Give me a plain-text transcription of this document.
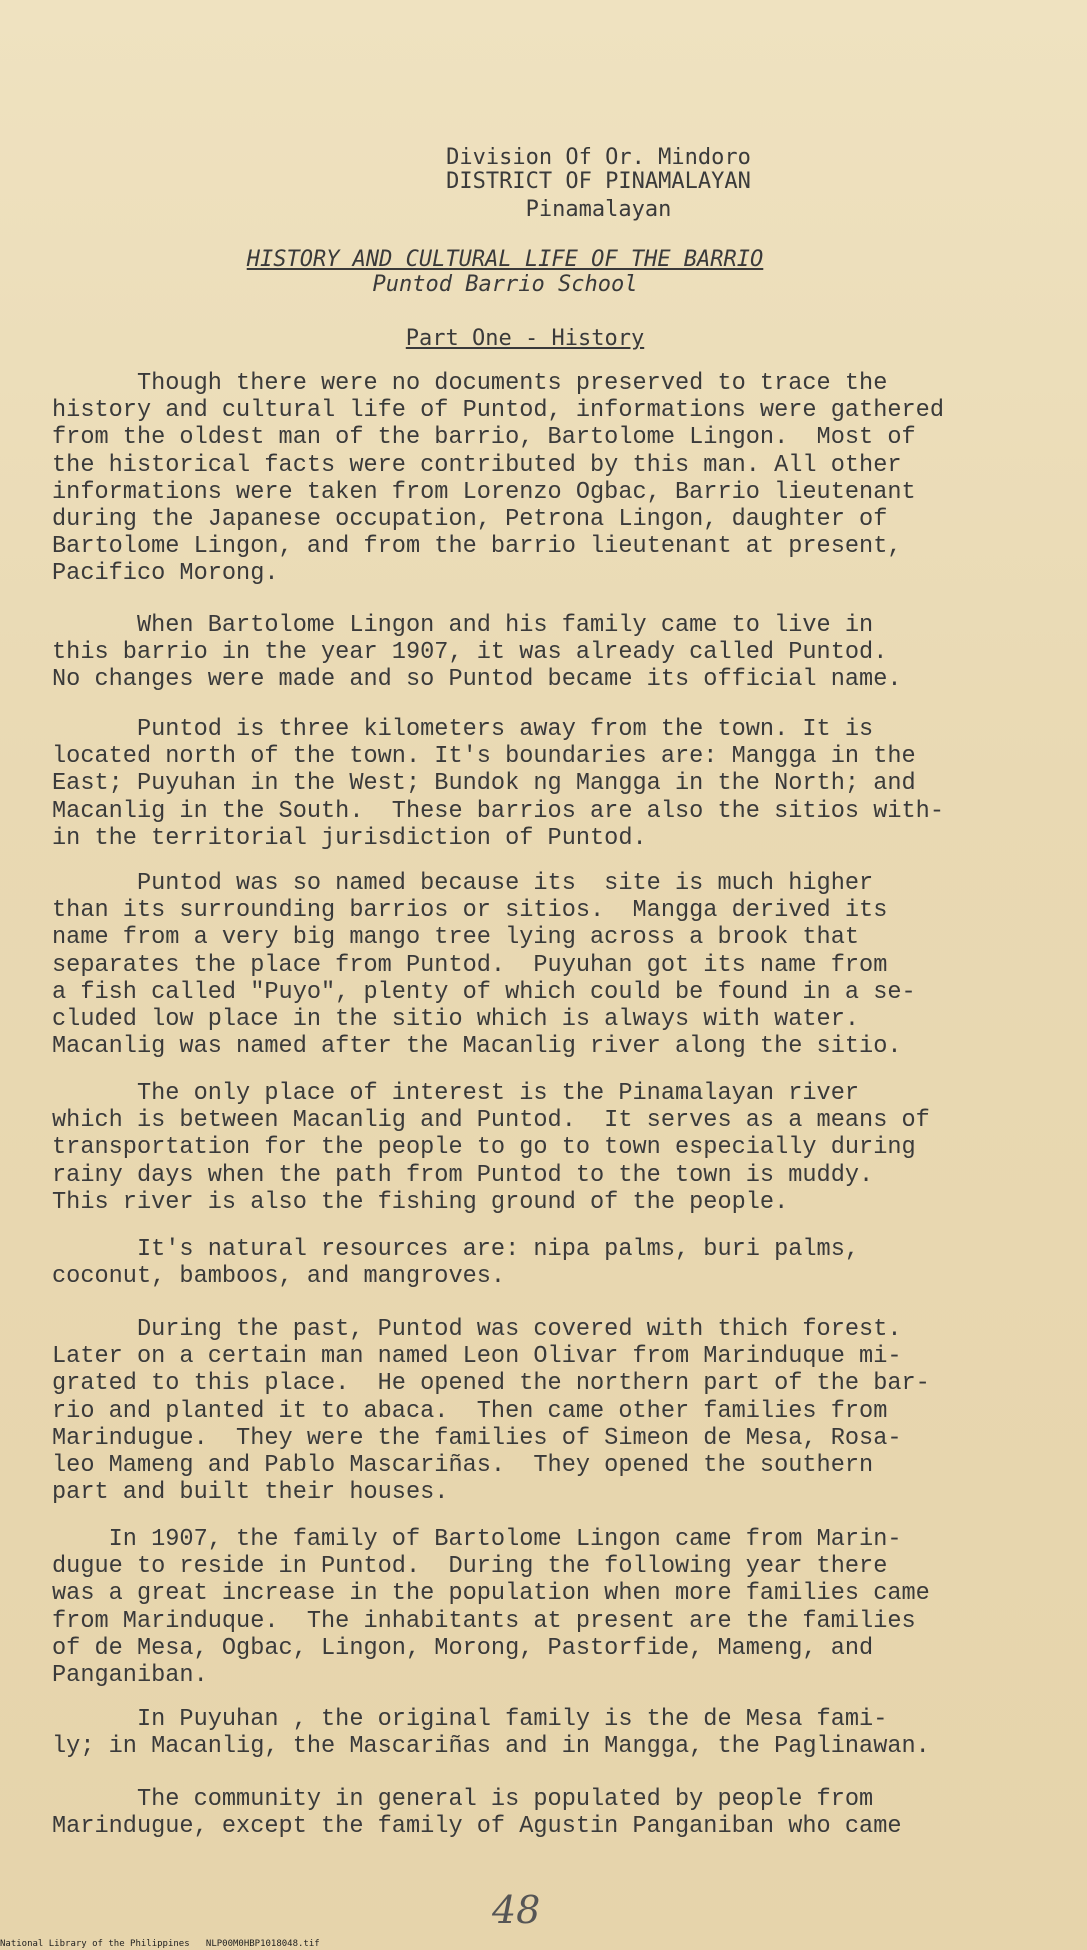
Division Of Or. Mindoro
DISTRICT OF PINAMALAYAN
Pinamalayan
HISTORY AND CULTURAL LIFE OF THE BARRIO
Puntod Barrio School
Part One - History
Though there were no documents preserved to trace the
history and cultural life of Puntod, informations were gathered
from the oldest man of the barrio, Bartolome Lingon.  Most of
the historical facts were contributed by this man. All other
informations were taken from Lorenzo Ogbac, Barrio lieutenant
during the Japanese occupation, Petrona Lingon, daughter of
Bartolome Lingon, and from the barrio lieutenant at present,
Pacifico Morong.
When Bartolome Lingon and his family came to live in
this barrio in the year 1907, it was already called Puntod.
No changes were made and so Puntod became its official name.
Puntod is three kilometers away from the town. It is
located north of the town. It's boundaries are: Mangga in the
East; Puyuhan in the West; Bundok ng Mangga in the North; and
Macanlig in the South.  These barrios are also the sitios with-
in the territorial jurisdiction of Puntod.
Puntod was so named because its  site is much higher
than its surrounding barrios or sitios.  Mangga derived its
name from a very big mango tree lying across a brook that
separates the place from Puntod.  Puyuhan got its name from
a fish called "Puyo", plenty of which could be found in a se-
cluded low place in the sitio which is always with water.
Macanlig was named after the Macanlig river along the sitio.
The only place of interest is the Pinamalayan river
which is between Macanlig and Puntod.  It serves as a means of
transportation for the people to go to town especially during
rainy days when the path from Puntod to the town is muddy.
This river is also the fishing ground of the people.
It's natural resources are: nipa palms, buri palms,
coconut, bamboos, and mangroves.
During the past, Puntod was covered with thich forest.
Later on a certain man named Leon Olivar from Marinduque mi-
grated to this place.  He opened the northern part of the bar-
rio and planted it to abaca.  Then came other families from
Marindugue.  They were the families of Simeon de Mesa, Rosa-
leo Mameng and Pablo Mascariñas.  They opened the southern
part and built their houses.
In 1907, the family of Bartolome Lingon came from Marin-
dugue to reside in Puntod.  During the following year there
was a great increase in the population when more families came
from Marinduque.  The inhabitants at present are the families
of de Mesa, Ogbac, Lingon, Morong, Pastorfide, Mameng, and
Panganiban.
In Puyuhan , the original family is the de Mesa fami-
ly; in Macanlig, the Mascariñas and in Mangga, the Paglinawan.
The community in general is populated by people from
Marindugue, except the family of Agustin Panganiban who came
48
National Library of the Philippines   NLP00M0HBP1018048.tif
